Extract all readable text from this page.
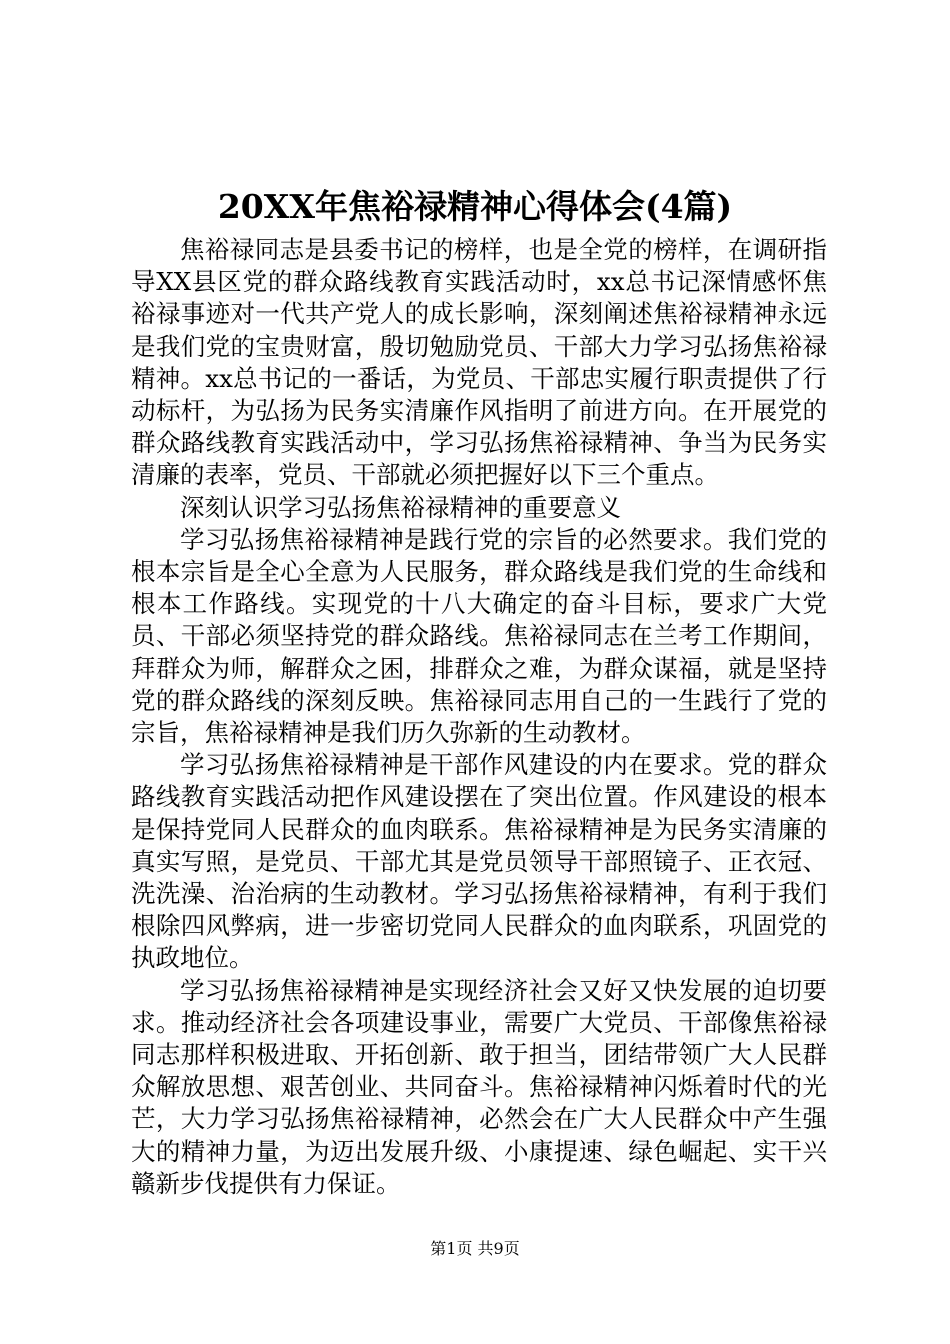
20XX年焦裕禄精神心得体会(4篇)

焦裕禄同志是县委书记的榜样，也是全党的榜样，在调研指导XX县区党的群众路线教育实践活动时，xx总书记深情感怀焦裕禄事迹对一代共产党人的成长影响，深刻阐述焦裕禄精神永远是我们党的宝贵财富，殷切勉励党员、干部大力学习弘扬焦裕禄精神。xx总书记的一番话，为党员、干部忠实履行职责提供了行动标杆，为弘扬为民务实清廉作风指明了前进方向。在开展党的群众路线教育实践活动中，学习弘扬焦裕禄精神、争当为民务实清廉的表率，党员、干部就必须把握好以下三个重点。

深刻认识学习弘扬焦裕禄精神的重要意义

学习弘扬焦裕禄精神是践行党的宗旨的必然要求。我们党的根本宗旨是全心全意为人民服务，群众路线是我们党的生命线和根本工作路线。实现党的十八大确定的奋斗目标，要求广大党员、干部必须坚持党的群众路线。焦裕禄同志在兰考工作期间，拜群众为师，解群众之困，排群众之难，为群众谋福，就是坚持党的群众路线的深刻反映。焦裕禄同志用自己的一生践行了党的宗旨，焦裕禄精神是我们历久弥新的生动教材。

学习弘扬焦裕禄精神是干部作风建设的内在要求。党的群众路线教育实践活动把作风建设摆在了突出位置。作风建设的根本是保持党同人民群众的血肉联系。焦裕禄精神是为民务实清廉的真实写照，是党员、干部尤其是党员领导干部照镜子、正衣冠、洗洗澡、治治病的生动教材。学习弘扬焦裕禄精神，有利于我们根除四风弊病，进一步密切党同人民群众的血肉联系，巩固党的执政地位。

学习弘扬焦裕禄精神是实现经济社会又好又快发展的迫切要求。推动经济社会各项建设事业，需要广大党员、干部像焦裕禄同志那样积极进取、开拓创新、敢于担当，团结带领广大人民群众解放思想、艰苦创业、共同奋斗。焦裕禄精神闪烁着时代的光芒，大力学习弘扬焦裕禄精神，必然会在广大人民群众中产生强大的精神力量，为迈出发展升级、小康提速、绿色崛起、实干兴赣新步伐提供有力保证。

第1页 共9页
